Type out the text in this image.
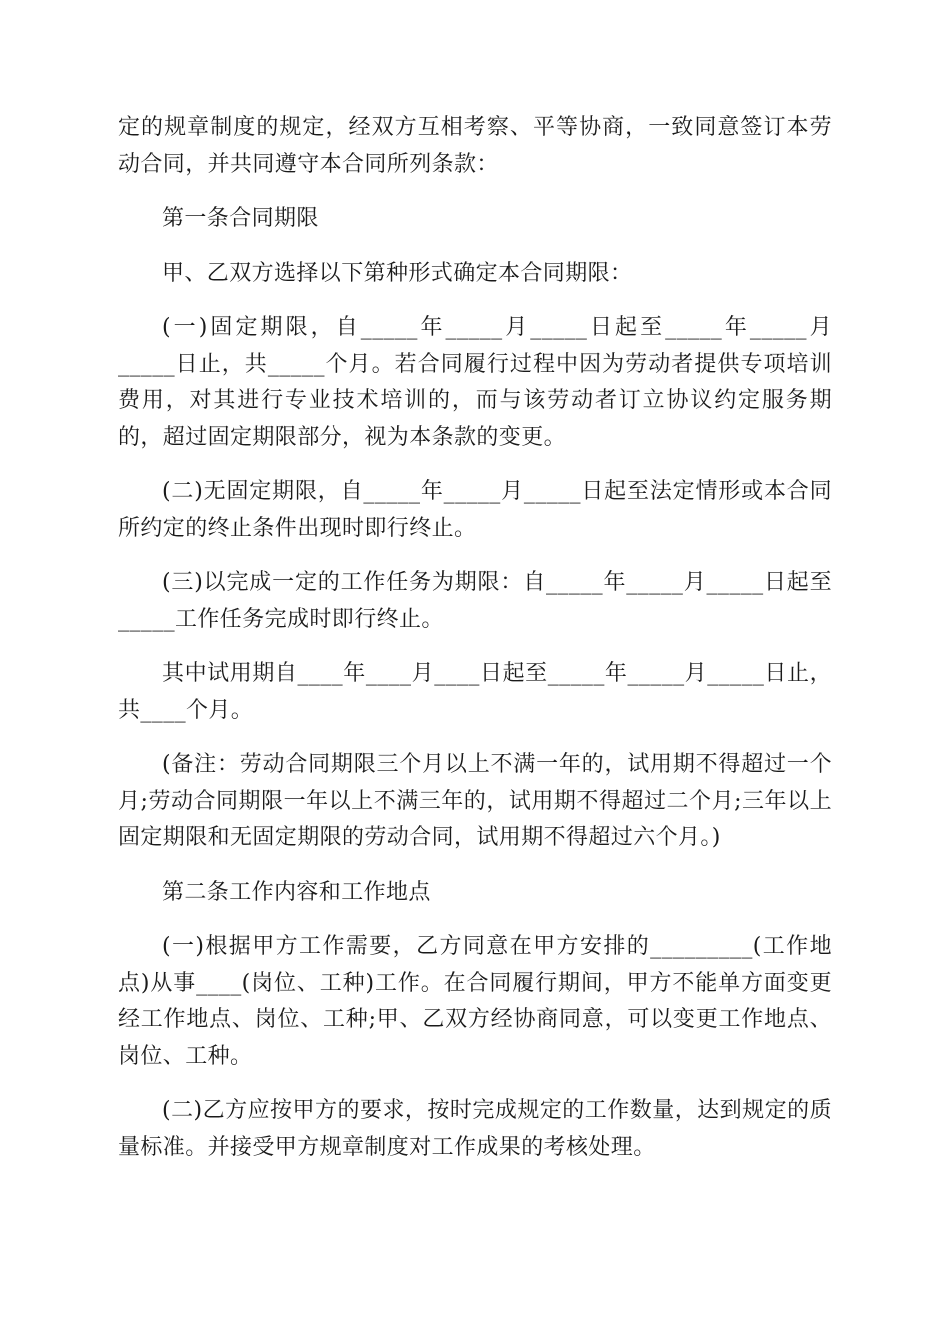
定的规章制度的规定，经双方互相考察、平等协商，一致同意签订本劳动合同，并共同遵守本合同所列条款：

第一条合同期限

甲、乙双方选择以下第种形式确定本合同期限：

(一)固定期限，自_____年_____月_____日起至_____年_____月_____日止，共_____个月。若合同履行过程中因为劳动者提供专项培训费用，对其进行专业技术培训的，而与该劳动者订立协议约定服务期的，超过固定期限部分，视为本条款的变更。

(二)无固定期限，自_____年_____月_____日起至法定情形或本合同所约定的终止条件出现时即行终止。

(三)以完成一定的工作任务为期限：自_____年_____月_____日起至_____工作任务完成时即行终止。

其中试用期自____年____月____日起至_____年_____月_____日止，共____个月。

(备注：劳动合同期限三个月以上不满一年的，试用期不得超过一个月;劳动合同期限一年以上不满三年的，试用期不得超过二个月;三年以上固定期限和无固定期限的劳动合同，试用期不得超过六个月。)

第二条工作内容和工作地点

(一)根据甲方工作需要，乙方同意在甲方安排的_________(工作地点)从事____(岗位、工种)工作。在合同履行期间，甲方不能单方面变更经工作地点、岗位、工种;甲、乙双方经协商同意，可以变更工作地点、岗位、工种。

(二)乙方应按甲方的要求，按时完成规定的工作数量，达到规定的质量标准。并接受甲方规章制度对工作成果的考核处理。
